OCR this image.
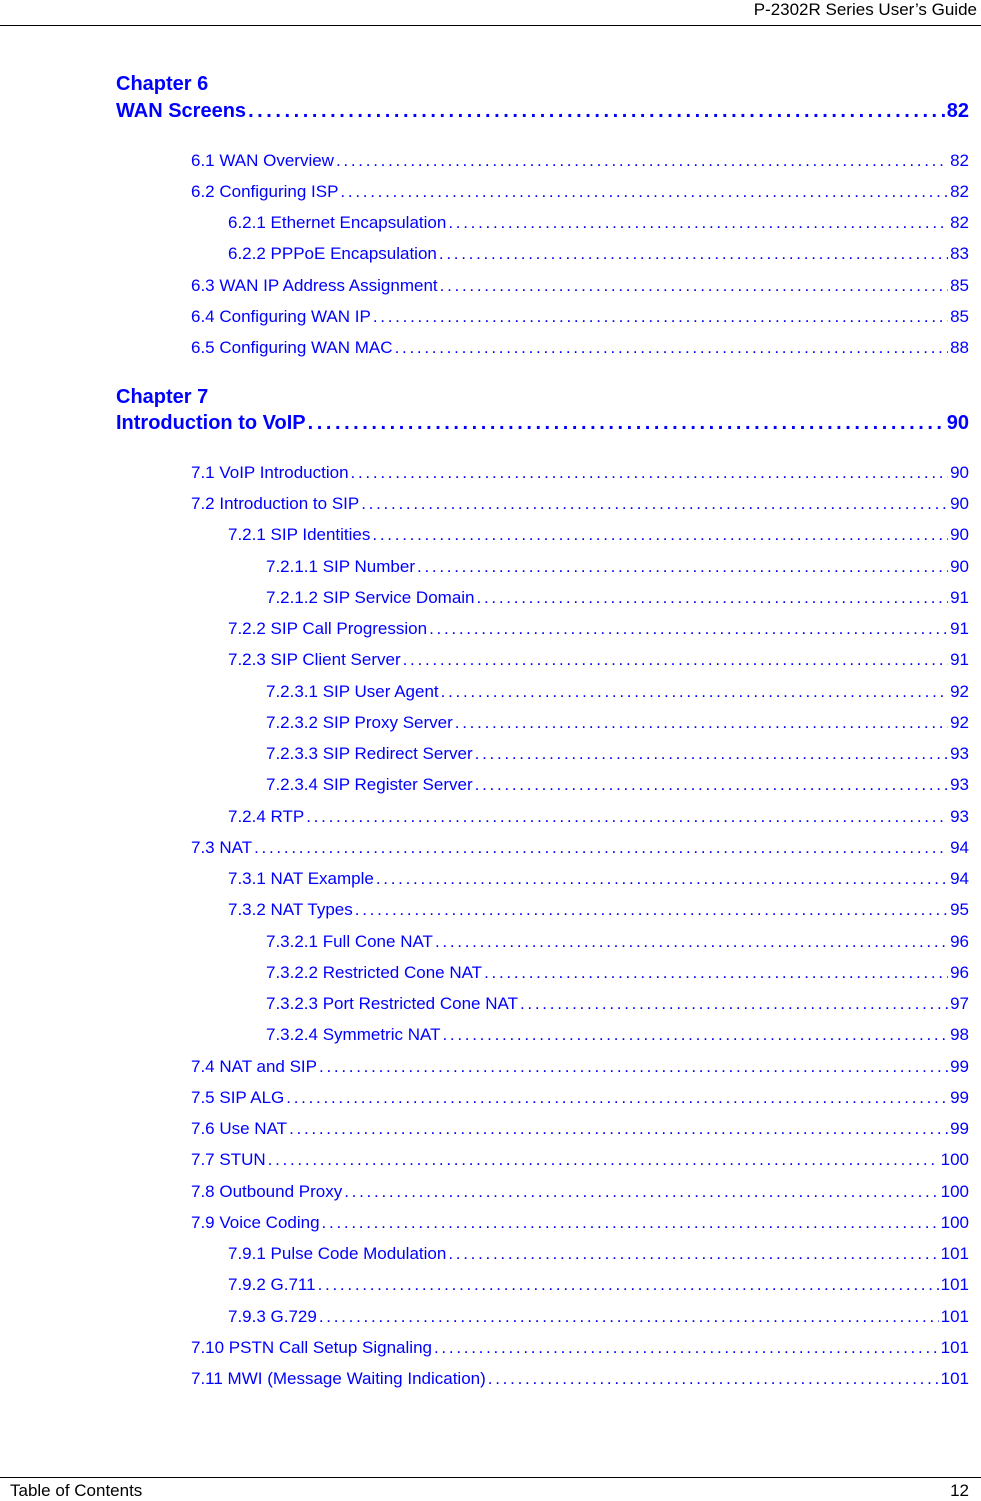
P-2302R Series User’s Guide
Chapter 6
WAN Screens . . .	82
6.1 WAN Overview . . .	82
6.2 Configuring ISP . . .	82
6.2.1 Ethernet Encapsulation . . .	82
6.2.2 PPPoE Encapsulation . . .	83
6.3 WAN IP Address Assignment . . .	85
6.4 Configuring WAN IP . . .	85
6.5 Configuring WAN MAC . . .	88
Chapter 7
Introduction to VoIP . . .	90
7.1 VoIP Introduction . . .	90
7.2 Introduction to SIP . . .	90
7.2.1 SIP Identities . . .	90
7.2.1.1 SIP Number . . .	90
7.2.1.2 SIP Service Domain . . .	91
7.2.2 SIP Call Progression . . .	91
7.2.3 SIP Client Server . . .	91
7.2.3.1 SIP User Agent . . .	92
7.2.3.2 SIP Proxy Server . . .	92
7.2.3.3 SIP Redirect Server . . .	93
7.2.3.4 SIP Register Server . . .	93
7.2.4 RTP . . .	93
7.3 NAT . . .	94
7.3.1 NAT Example . . .	94
7.3.2 NAT Types . . .	95
7.3.2.1 Full Cone NAT . . .	96
7.3.2.2 Restricted Cone NAT . . .	96
7.3.2.3 Port Restricted Cone NAT . . .	97
7.3.2.4 Symmetric NAT . . .	98
7.4 NAT and SIP . . .	99
7.5 SIP ALG . . .	99
7.6 Use NAT . . .	99
7.7 STUN . . .	100
7.8 Outbound Proxy . . .	100
7.9 Voice Coding . . .	100
7.9.1 Pulse Code Modulation . . .	101
7.9.2 G.711 . . .	101
7.9.3 G.729 . . .	101
7.10 PSTN Call Setup Signaling . . .	101
7.11 MWI (Message Waiting Indication) . . .	101
Table of Contents	12
